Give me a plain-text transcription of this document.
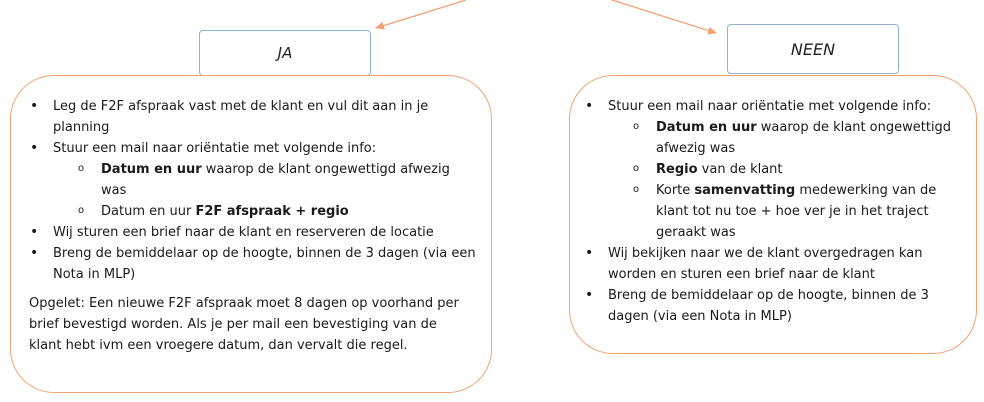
JA	NEEN
• Leg de F2F afspraak vast met de klant en vul dit aan in je planning
• Stuur een mail naar oriëntatie met volgende info:
o Datum en uur waarop de klant ongewettigd afwezig was
o Datum en uur F2F afspraak + regio
• Wij sturen een brief naar de klant en reserveren de locatie
• Breng de bemiddelaar op de hoogte, binnen de 3 dagen (via een Nota in MLP)

Opgelet: Een nieuwe F2F afspraak moet 8 dagen op voorhand per brief bevestigd worden. Als je per mail een bevestiging van de klant hebt ivm een vroegere datum, dan vervalt die regel.

• Stuur een mail naar oriëntatie met volgende info:
o Datum en uur waarop de klant ongewettigd afwezig was
o Regio van de klant
o Korte samenvatting medewerking van de klant tot nu toe + hoe ver je in het traject geraakt was
• Wij bekijken naar we de klant overgedragen kan worden en sturen een brief naar de klant
• Breng de bemiddelaar op de hoogte, binnen de 3 dagen (via een Nota in MLP)
